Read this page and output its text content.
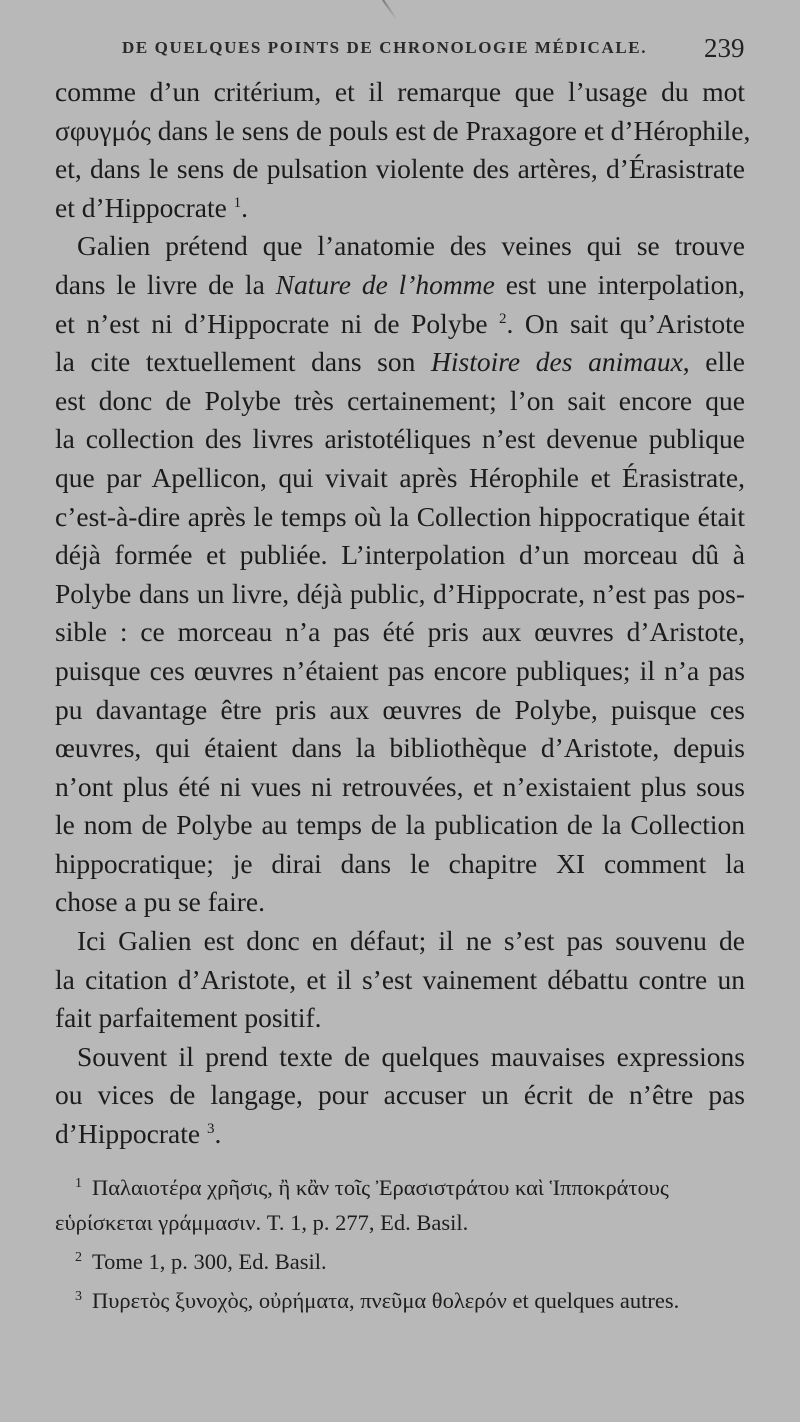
DE QUELQUES POINTS DE CHRONOLOGIE MÉDICALE. 239
comme d’un critérium, et il remarque que l’usage du mot
σφυγμός dans le sens de pouls est de Praxagore et d’Hérophile,
et, dans le sens de pulsation violente des artères, d’Érasistrate
et d’Hippocrate $^1$.
Galien prétend que l’anatomie des veines qui se trouve
dans le livre de la Nature de l’homme est une interpolation,
et n’est ni d’Hippocrate ni de Polybe $^2$. On sait qu’Aristote
la cite textuellement dans son Histoire des animaux, elle
est donc de Polybe très certainement; l’on sait encore que
la collection des livres aristotéliques n’est devenue publique
que par Apellicon, qui vivait après Hérophile et Érasistrate,
c’est-à-dire après le temps où la Collection hippocratique était
déjà formée et publiée. L’interpolation d’un morceau dû à
Polybe dans un livre, déjà public, d’Hippocrate, n’est pas pos-
sible : ce morceau n’a pas été pris aux œuvres d’Aristote,
puisque ces œuvres n’étaient pas encore publiques; il n’a pas
pu davantage être pris aux œuvres de Polybe, puisque ces
œuvres, qui étaient dans la bibliothèque d’Aristote, depuis
n’ont plus été ni vues ni retrouvées, et n’existaient plus sous
le nom de Polybe au temps de la publication de la Collection
hippocratique; je dirai dans le chapitre XI comment la
chose a pu se faire.
Ici Galien est donc en défaut; il ne s’est pas souvenu de
la citation d’Aristote, et il s’est vainement débattu contre un
fait parfaitement positif.
Souvent il prend texte de quelques mauvaises expressions
ou vices de langage, pour accuser un écrit de n’être pas
d’Hippocrate $^3$.
$^1$ Παλαιοτέρα χρῆσις, ἢ κἂν τοῖς Ἐρασιστράτου καὶ Ἱπποκράτους
εὑρίσκεται γράμμασιν. T. 1, p. 277, Ed. Basil.
$^2$ Tome 1, p. 300, Ed. Basil.
$^3$ Πυρετὸς ξυνοχὸς, οὐρήματα, πνεῦμα θολερόν et quelques autres.
